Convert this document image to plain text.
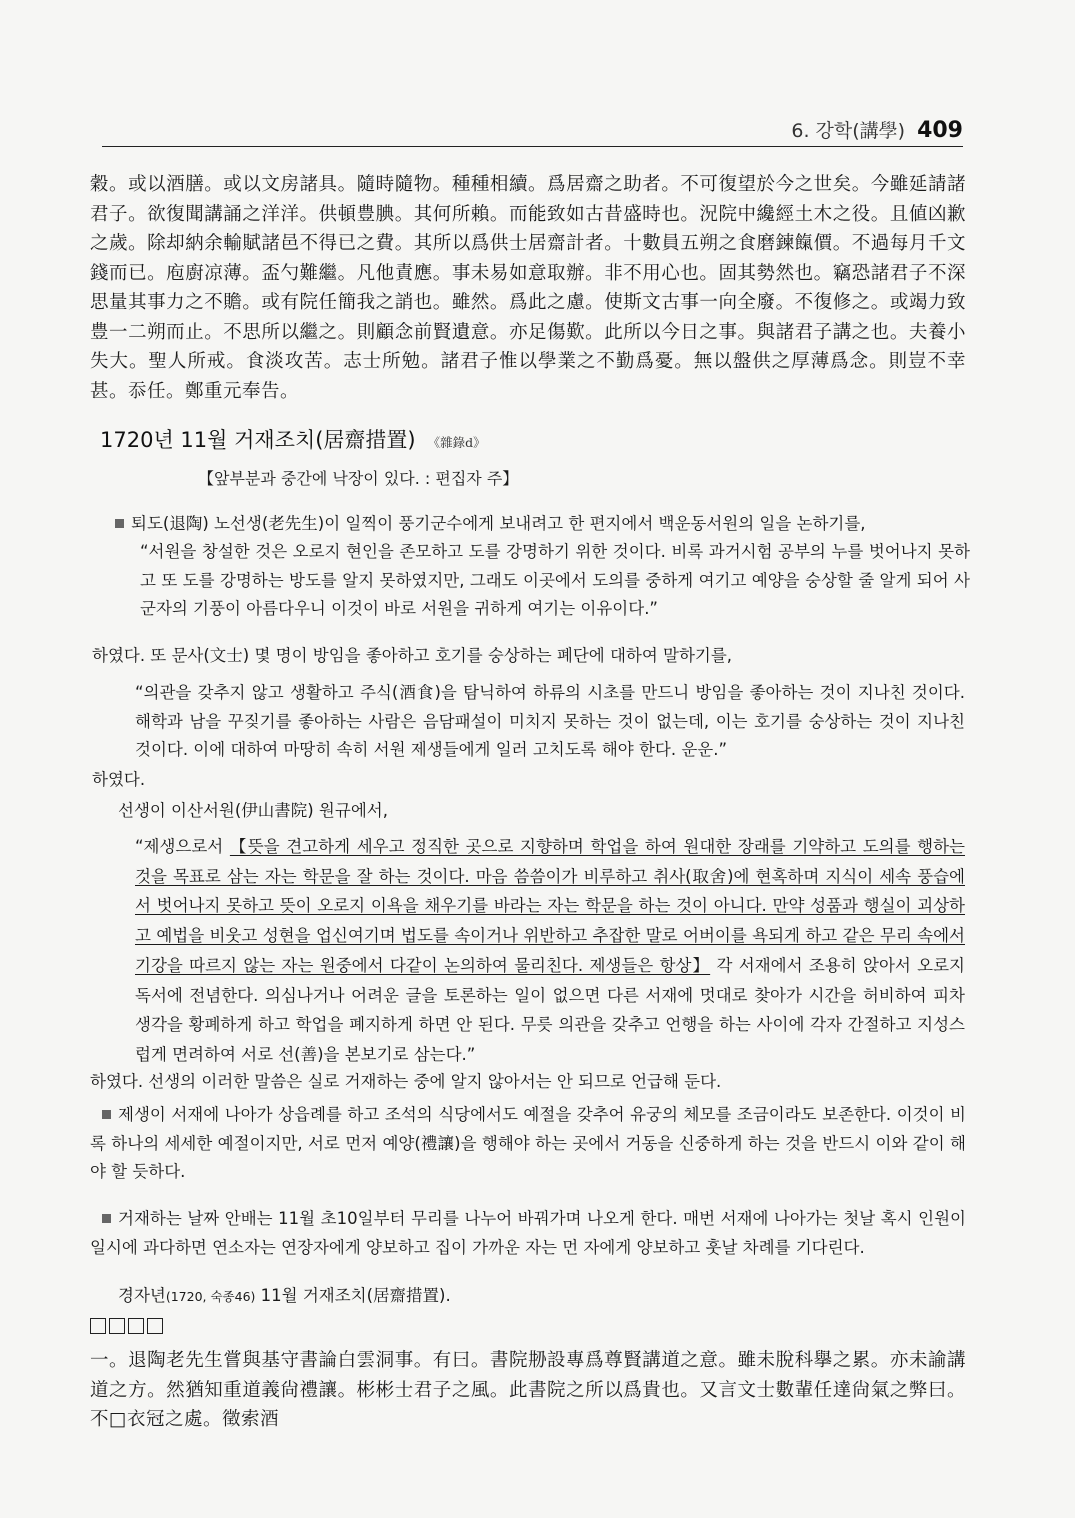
6. 강학(講學) 409

穀。或以酒膳。或以文房諸具。隨時隨物。種種相續。爲居齋之助者。不可復望於今之世矣。今雖延請諸君子。欲復聞講誦之洋洋。供頓豊腆。其何所賴。而能致如古昔盛時也。況院中纔經土木之役。且値凶歉之歲。除却納余輸賦諸邑不得已之費。其所以爲供士居齋計者。十數員五朔之食磨鍊餼價。不過每月千文錢而已。庖廚凉薄。盃勺難繼。凡他責應。事未易如意取辦。非不用心也。固其勢然也。竊恐諸君子不深思量其事力之不贍。或有院任簡我之誚也。雖然。爲此之慮。使斯文古事一向全廢。不復修之。或竭力致豊一二朔而止。不思所以繼之。則顧念前賢遺意。亦足傷歎。此所以今日之事。與諸君子講之也。夫養小失大。聖人所戒。食淡攻苦。志士所勉。諸君子惟以學業之不勤爲憂。無以盤供之厚薄爲念。則豈不幸甚。忝任。鄭重元奉告。

1720년 11월 거재조치(居齋措置) 《雜錄d》
【앞부분과 중간에 낙장이 있다. : 편집자 주】

퇴도(退陶) 노선생(老先生)이 일찍이 풍기군수에게 보내려고 한 편지에서 백운동서원의 일을 논하기를,

“서원을 창설한 것은 오로지 현인을 존모하고 도를 강명하기 위한 것이다. 비록 과거시험 공부의 누를 벗어나지 못하고 또 도를 강명하는 방도를 알지 못하였지만, 그래도 이곳에서 도의를 중하게 여기고 예양을 숭상할 줄 알게 되어 사군자의 기풍이 아름다우니 이것이 바로 서원을 귀하게 여기는 이유이다.”

하였다. 또 문사(文士) 몇 명이 방임을 좋아하고 호기를 숭상하는 폐단에 대하여 말하기를,

“의관을 갖추지 않고 생활하고 주식(酒食)을 탐닉하여 하류의 시초를 만드니 방임을 좋아하는 것이 지나친 것이다. 해학과 남을 꾸짖기를 좋아하는 사람은 음담패설이 미치지 못하는 것이 없는데, 이는 호기를 숭상하는 것이 지나친 것이다. 이에 대하여 마땅히 속히 서원 제생들에게 일러 고치도록 해야 한다. 운운.”

하였다.

선생이 이산서원(伊山書院) 원규에서,

“제생으로서 【뜻을 견고하게 세우고 정직한 곳으로 지향하며 학업을 하여 원대한 장래를 기약하고 도의를 행하는 것을 목표로 삼는 자는 학문을 잘 하는 것이다. 마음 씀씀이가 비루하고 취사(取舍)에 현혹하며 지식이 세속 풍습에서 벗어나지 못하고 뜻이 오로지 이욕을 채우기를 바라는 자는 학문을 하는 것이 아니다. 만약 성품과 행실이 괴상하고 예법을 비웃고 성현을 업신여기며 법도를 속이거나 위반하고 추잡한 말로 어버이를 욕되게 하고 같은 무리 속에서 기강을 따르지 않는 자는 원중에서 다같이 논의하여 물리친다. 제생들은 항상】 각 서재에서 조용히 앉아서 오로지 독서에 전념한다. 의심나거나 어려운 글을 토론하는 일이 없으면 다른 서재에 멋대로 찾아가 시간을 허비하여 피차 생각을 황폐하게 하고 학업을 폐지하게 하면 안 된다. 무릇 의관을 갖추고 언행을 하는 사이에 각자 간절하고 지성스럽게 면려하여 서로 선(善)을 본보기로 삼는다.”

하였다. 선생의 이러한 말씀은 실로 거재하는 중에 알지 않아서는 안 되므로 언급해 둔다.

제생이 서재에 나아가 상읍례를 하고 조석의 식당에서도 예절을 갖추어 유궁의 체모를 조금이라도 보존한다. 이것이 비록 하나의 세세한 예절이지만, 서로 먼저 예양(禮讓)을 행해야 하는 곳에서 거동을 신중하게 하는 것을 반드시 이와 같이 해야 할 듯하다.

거재하는 날짜 안배는 11월 초10일부터 무리를 나누어 바꿔가며 나오게 한다. 매번 서재에 나아가는 첫날 혹시 인원이 일시에 과다하면 연소자는 연장자에게 양보하고 집이 가까운 자는 먼 자에게 양보하고 훗날 차례를 기다린다.

경자년(1720, 숙종46) 11월 거재조치(居齋措置).

一。退陶老先生嘗與基守書論白雲洞事。有曰。書院刱設專爲尊賢講道之意。雖未脫科擧之累。亦未諭講道之方。然猶知重道義尙禮讓。彬彬士君子之風。此書院之所以爲貴也。又言文士數輩任達尙氣之弊曰。不□衣冠之處。徵索酒
